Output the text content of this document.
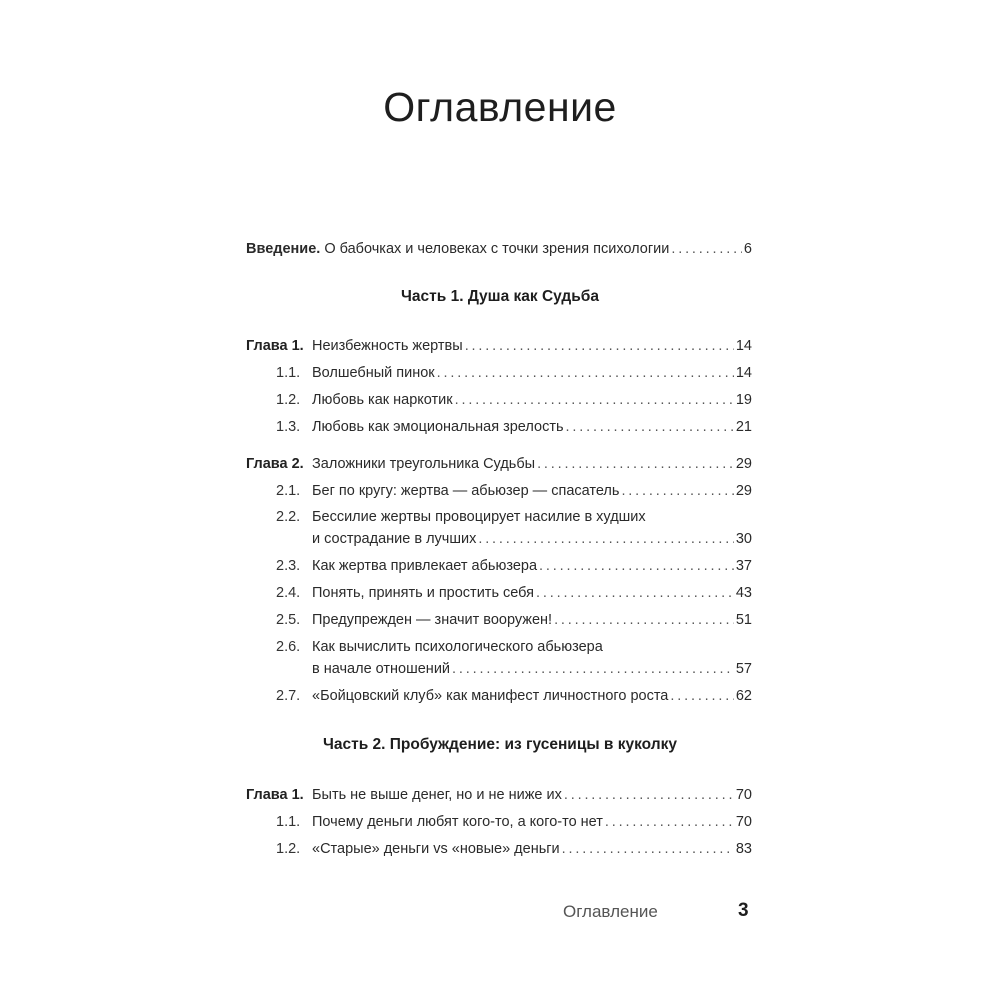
Оглавление
Введение. О бабочках и человеках с точки зрения психологии . . .	6
Часть 1. Душа как Судьба
Глава 1. Неизбежность жертвы . . .	14
1.1. Волшебный пинок . . .	14
1.2. Любовь как наркотик . . .	19
1.3. Любовь как эмоциональная зрелость . . .	21
Глава 2. Заложники треугольника Судьбы . . .	29
2.1. Бег по кругу: жертва — абьюзер — спасатель . . .	29
2.2. Бессилие жертвы провоцирует насилие в худших
и сострадание в лучших . . .	30
2.3. Как жертва привлекает абьюзера . . .	37
2.4. Понять, принять и простить себя . . .	43
2.5. Предупрежден — значит вооружен! . . .	51
2.6. Как вычислить психологического абьюзера
в начале отношений . . .	57
2.7. «Бойцовский клуб» как манифест личностного роста . . .	62
Часть 2. Пробуждение: из гусеницы в куколку
Глава 1. Быть не выше денег, но и не ниже их . . .	70
1.1. Почему деньги любят кого-то, а кого-то нет . . .	70
1.2. «Старые» деньги vs «новые» деньги . . .	83
Оглавление	3
